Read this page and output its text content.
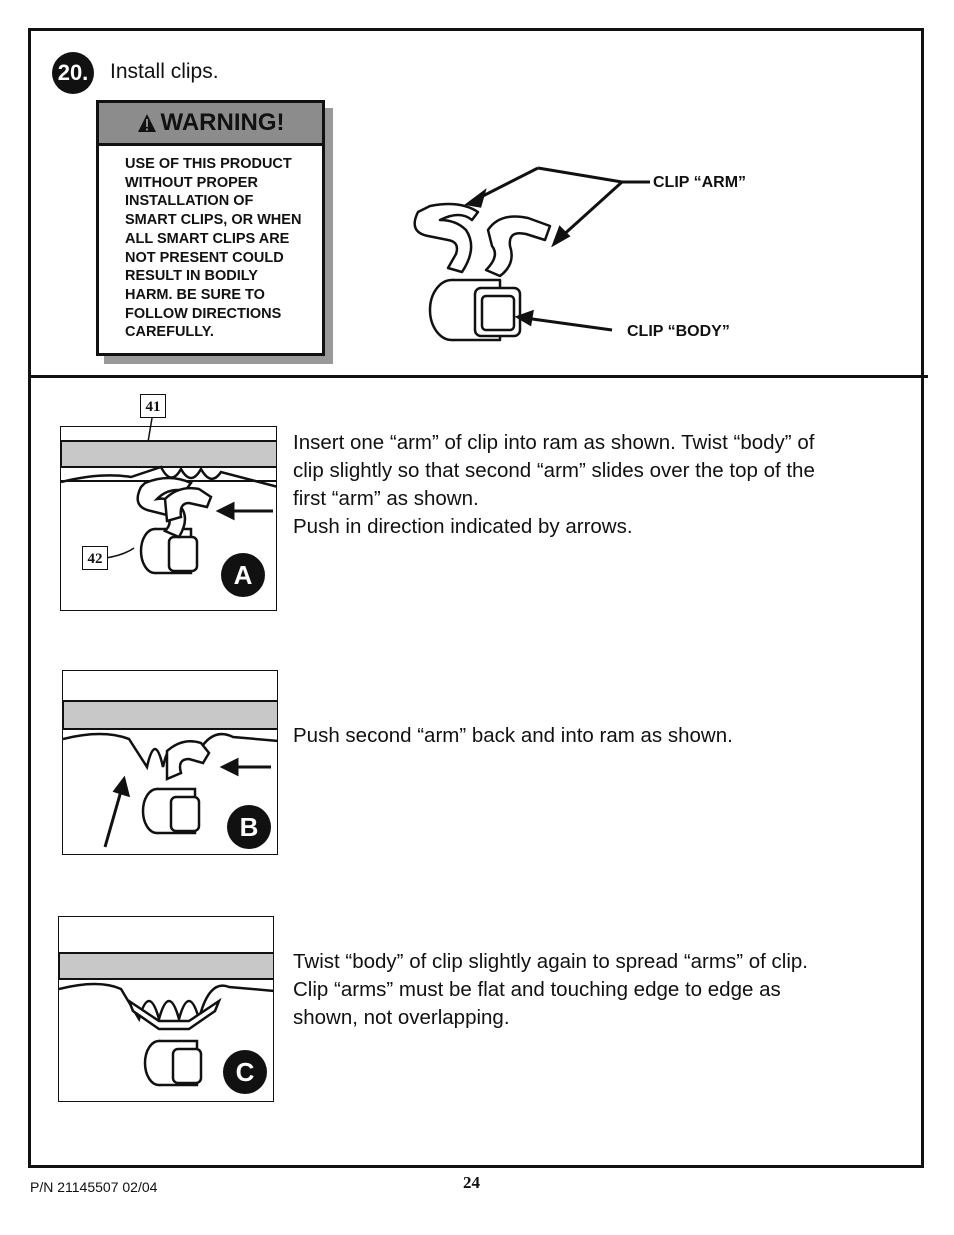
20. Install clips.
WARNING!
USE OF THIS PRODUCT
WITHOUT PROPER
INSTALLATION OF
SMART CLIPS, OR WHEN
ALL SMART CLIPS ARE
NOT PRESENT COULD
RESULT IN BODILY
HARM. BE SURE TO
FOLLOW DIRECTIONS
CAREFULLY.
CLIP “ARM”
CLIP “BODY”
A
41
42
Insert one “arm” of clip into ram as shown. Twist “body” of
clip slightly so that second “arm” slides over the top of the
first “arm” as shown.
Push in direction indicated by arrows.
B
Push second “arm” back and into ram as shown.
C
Twist “body” of clip slightly again to spread “arms” of clip.
Clip “arms” must be flat and touching edge to edge as
shown, not overlapping.
P/N 21145507 02/04	24
